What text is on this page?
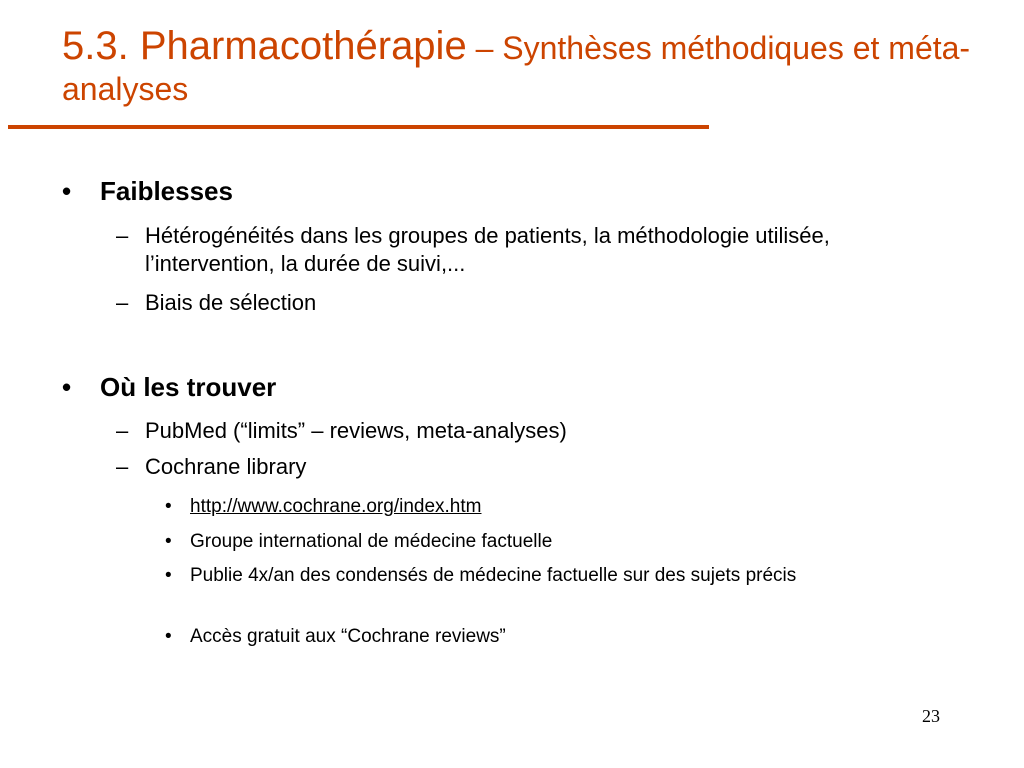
5.3. Pharmacothérapie – Synthèses méthodiques et méta-analyses
• Faiblesses
– Hétérogénéités dans les groupes de patients, la méthodologie utilisée, l’intervention, la durée de suivi,...
– Biais de sélection
• Où les trouver
– PubMed (“limits” – reviews, meta-analyses)
– Cochrane library
• http://www.cochrane.org/index.htm
• Groupe international de médecine factuelle
• Publie 4x/an des condensés de médecine factuelle sur des sujets précis
• Accès gratuit aux “Cochrane reviews”
23
